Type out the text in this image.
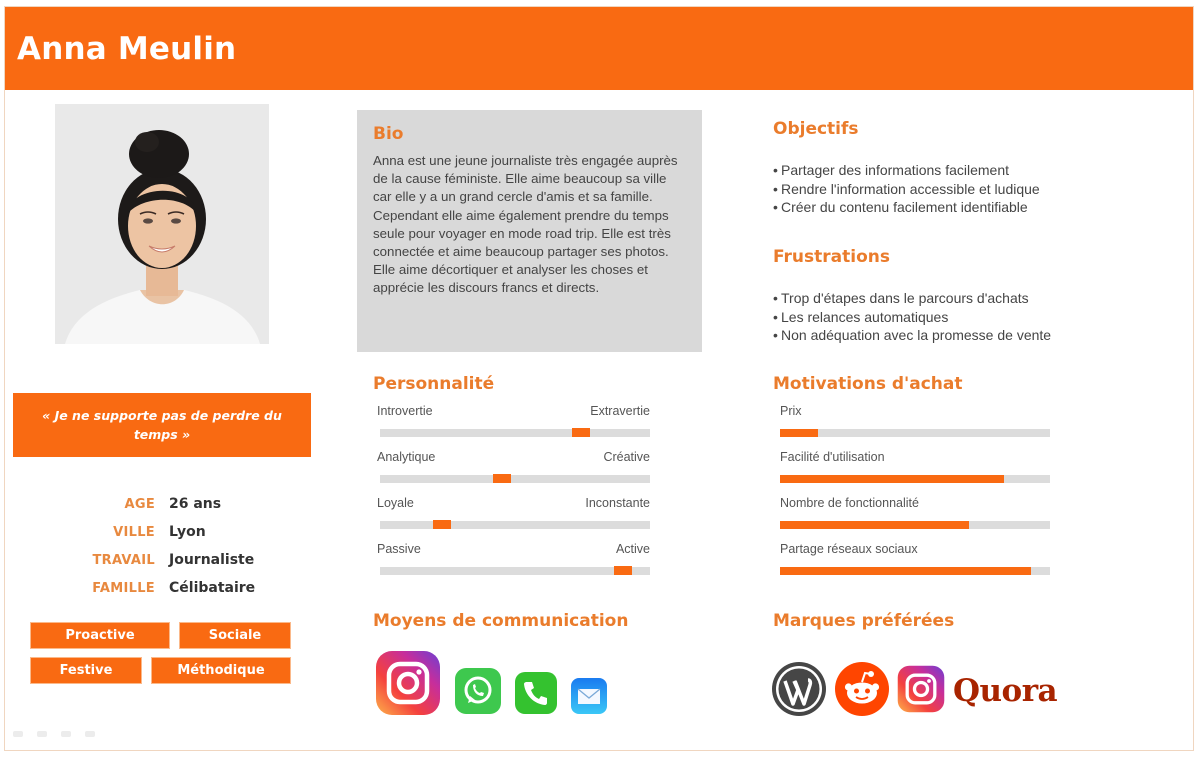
Anna Meulin
« Je ne supporte pas de perdre du temps »
AGE 26 ans
VILLE Lyon
TRAVAIL Journaliste
FAMILLE Célibataire
Proactive	Sociale
Festive	Méthodique
Bio

Anna est une jeune journaliste très engagée auprès de la cause féministe. Elle aime beaucoup sa ville car elle y a un grand cercle d'amis et sa famille. Cependant elle aime également prendre du temps seule pour voyager en mode road trip. Elle est très connectée et aime beaucoup partager ses photos. Elle aime décortiquer et analyser les choses et apprécie les discours francs et directs.

Objectifs
• Partager des informations facilement
• Rendre l'information accessible et ludique
• Créer du contenu facilement identifiable
Frustrations
• Trop d'étapes dans le parcours d'achats
• Les relances automatiques
• Non adéquation avec la promesse de vente
Personnalité
Introvertie	Extravertie
Analytique	Créative
Loyale	Inconstante
Passive	Active
Motivations d'achat
Prix
Facilité d'utilisation
Nombre de fonctionnalité
Partage réseaux sociaux
Moyens de communication	Marques préférées
Quora
